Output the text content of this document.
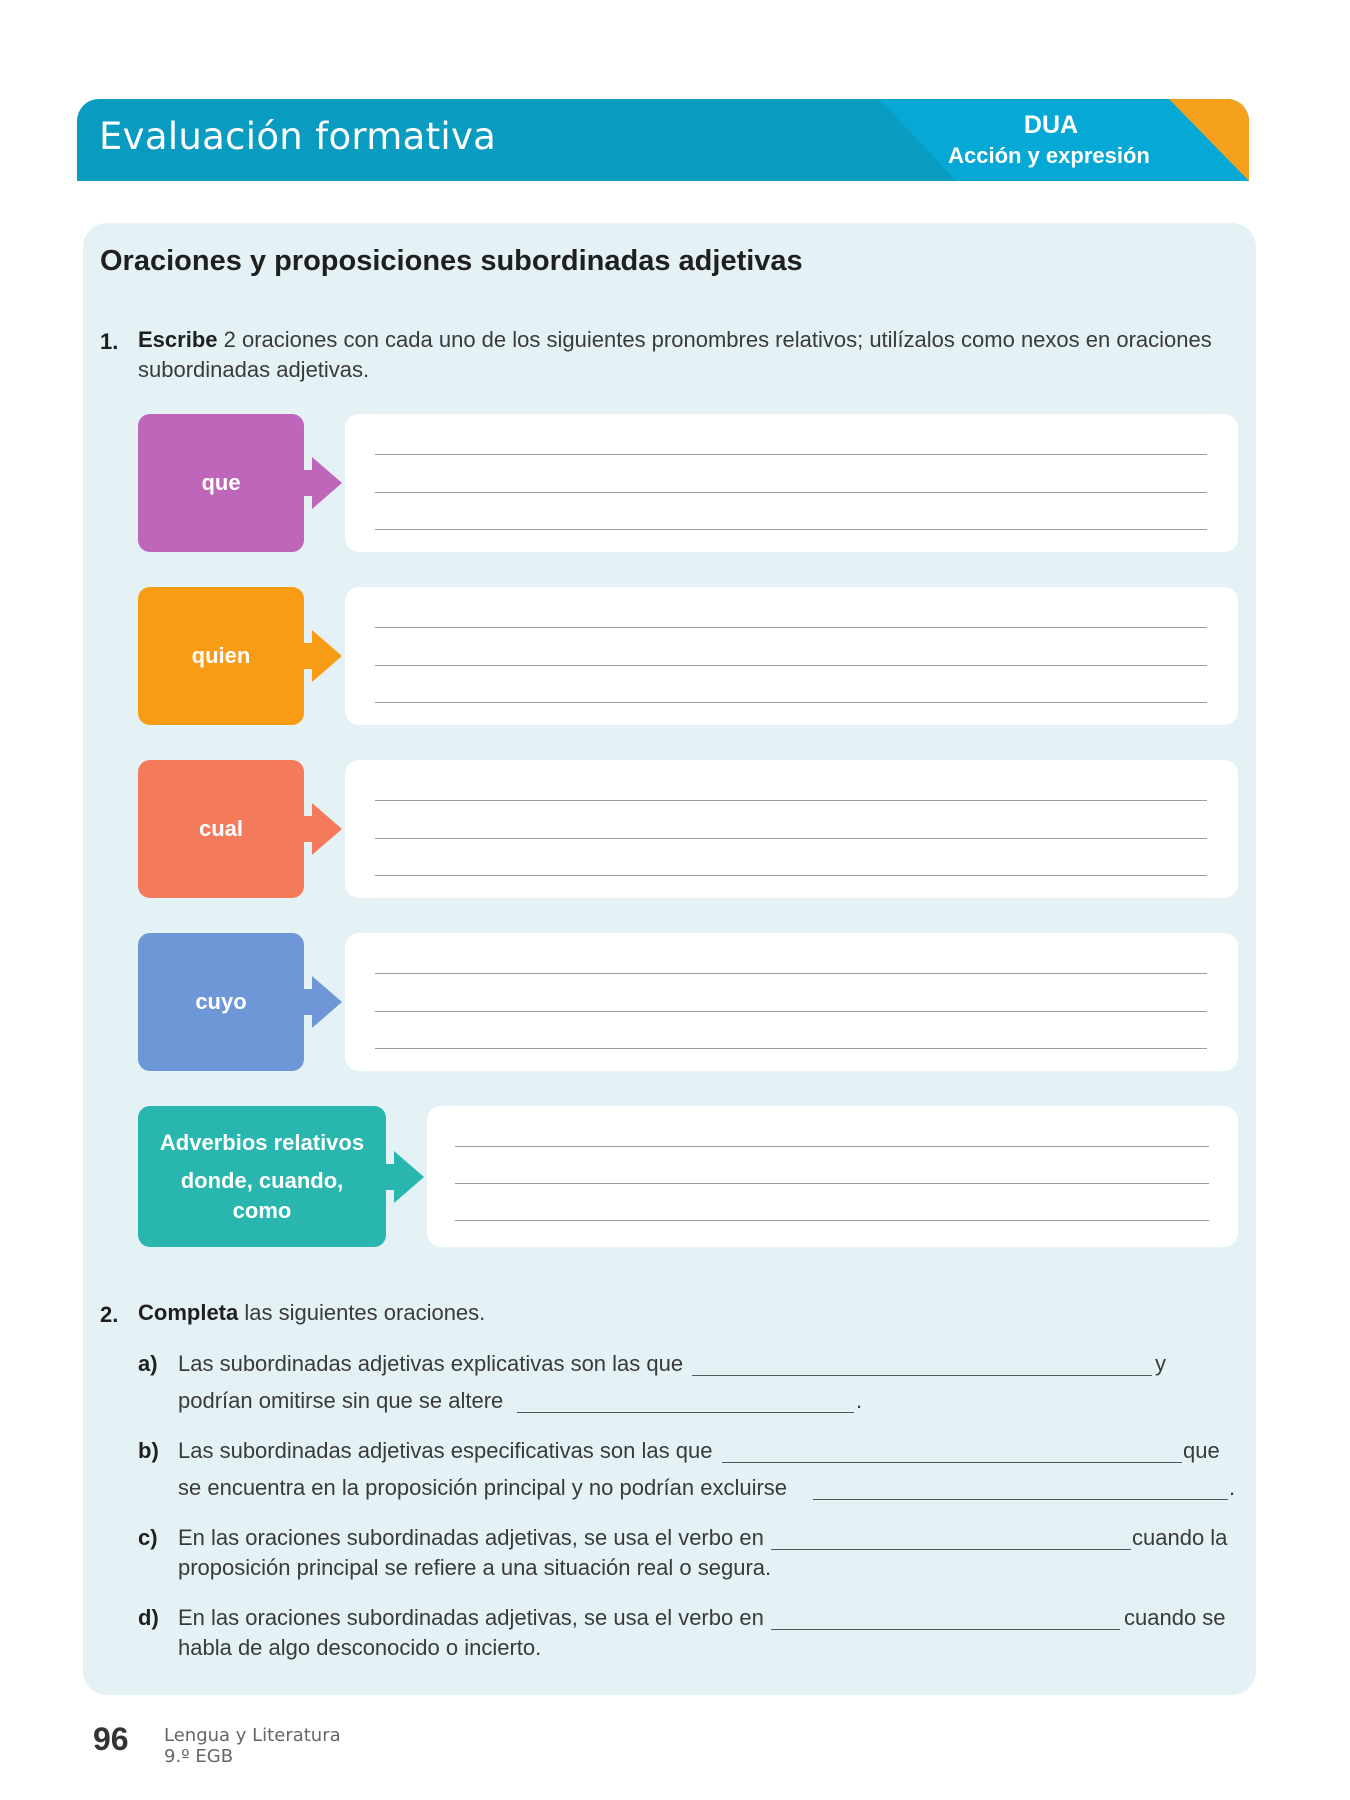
Evaluación formativa	DUA
Acción y expresión
Oraciones y proposiciones subordinadas adjetivas
1. Escribe 2 oraciones con cada uno de los siguientes pronombres relativos; utilízalos como nexos en oraciones subordinadas adjetivas.
que
quien
cual
cuyo
Adverbios relativos
donde, cuando,
como
2. Completa las siguientes oraciones.
a) Las subordinadas adjetivas explicativas son las que	y
podrían omitirse sin que se altere	.
b) Las subordinadas adjetivas especificativas son las que	que
se encuentra en la proposición principal y no podrían excluirse	.
c) En las oraciones subordinadas adjetivas, se usa el verbo en	cuando la
proposición principal se refiere a una situación real o segura.
d) En las oraciones subordinadas adjetivas, se usa el verbo en	cuando se
habla de algo desconocido o incierto.
96 Lengua y Literatura
9.º EGB
